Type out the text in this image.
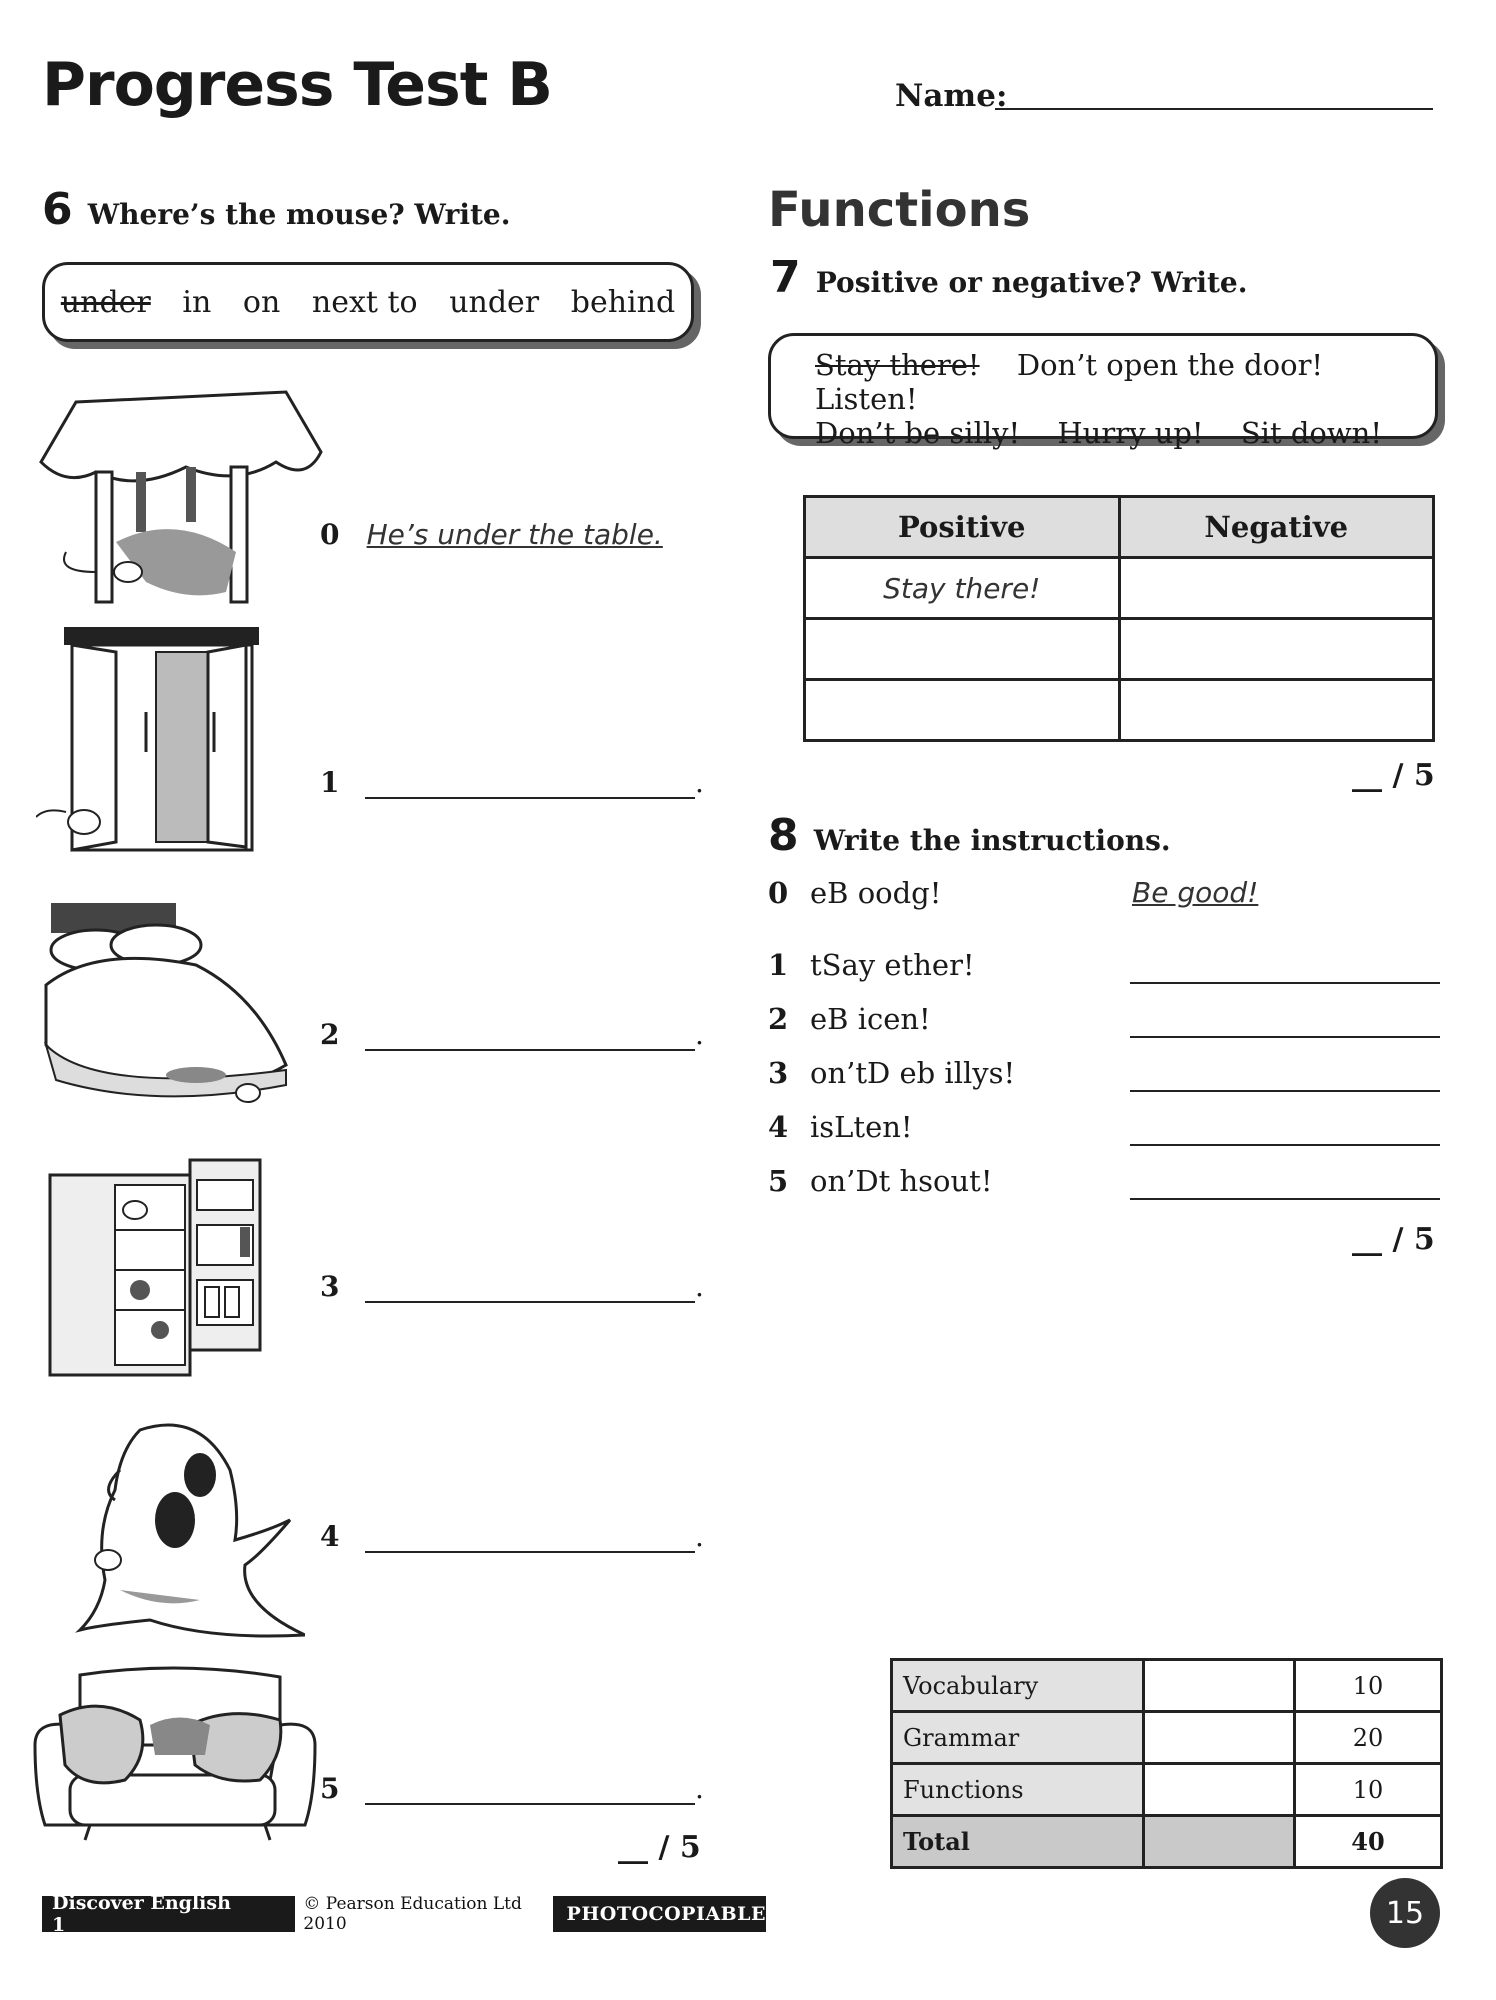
Progress Test B	Name:
6 Where’s the mouse? Write.
under in on next to under behind
0 He’s under the table.
1	.
2	.
3	.
4	.
5	.
__ / 5
Functions
7 Positive or negative? Write.
Stay there! Don’t open the door! Listen!
Don’t be silly! Hurry up! Sit down!
Positive	Negative
Stay there!	

__ / 5
8 Write the instructions.
0 eB oodg!	Be good!
1 tSay ether!
2 eB icen!
3 on’tD eb illys!
4 isLten!
5 on’Dt hsout!
__ / 5
Vocabulary		10
Grammar		20
Functions		10
Total		40
Discover English 1
© Pearson Education Ltd 2010	PHOTOCOPIABLE	15
